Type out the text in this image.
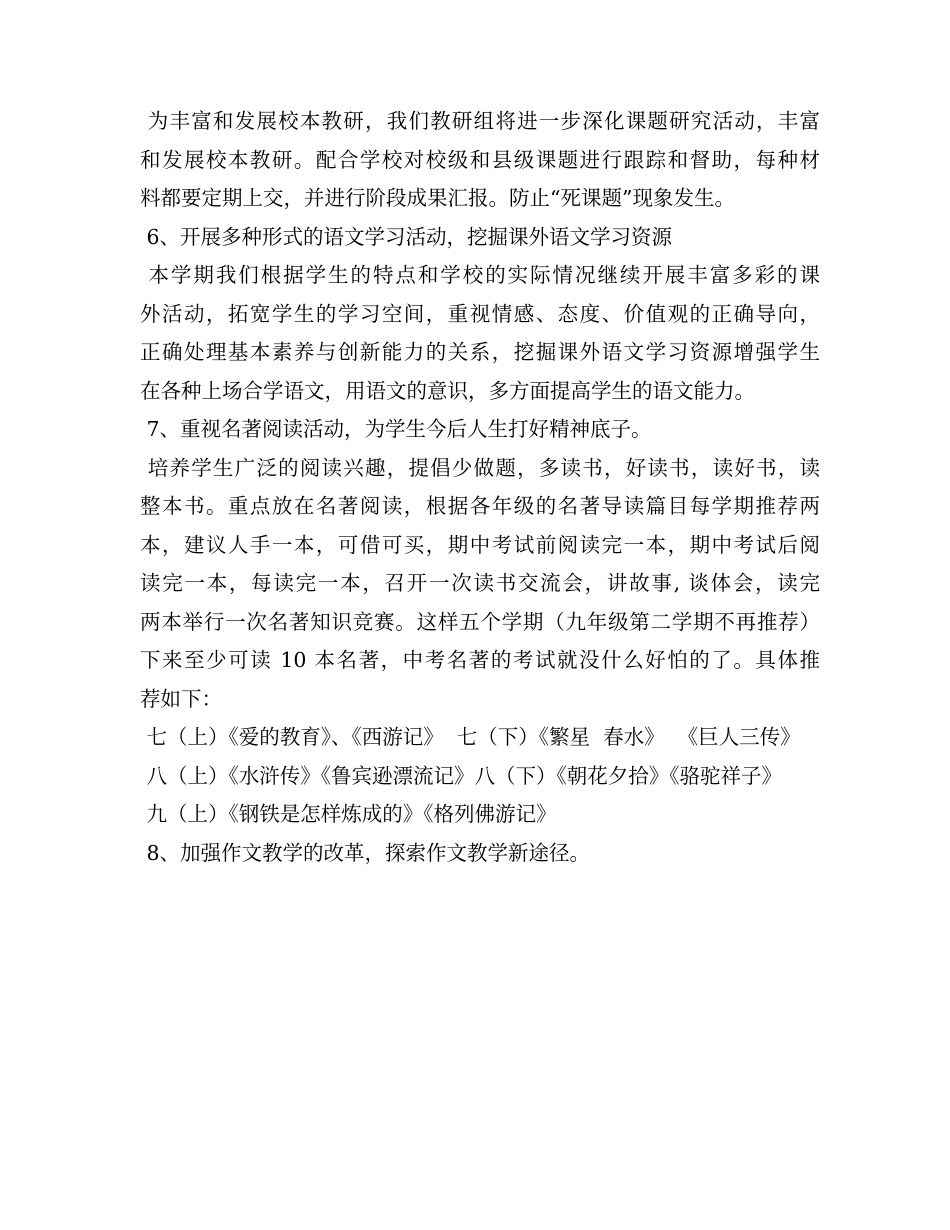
为丰富和发展校本教研，我们教研组将进一步深化课题研究活动，丰富

和发展校本教研。配合学校对校级和县级课题进行跟踪和督助，每种材

料都要定期上交，并进行阶段成果汇报。防止“死课题”现象发生。

6、开展多种形式的语文学习活动，挖掘课外语文学习资源

本学期我们根据学生的特点和学校的实际情况继续开展丰富多彩的课

外活动，拓宽学生的学习空间，重视情感、态度、价值观的正确导向，

正确处理基本素养与创新能力的关系，挖掘课外语文学习资源增强学生

在各种上场合学语文，用语文的意识，多方面提高学生的语文能力。

7、重视名著阅读活动，为学生今后人生打好精神底子。

培养学生广泛的阅读兴趣，提倡少做题，多读书，好读书，读好书，读

整本书。重点放在名著阅读，根据各年级的名著导读篇目每学期推荐两

本，建议人手一本，可借可买，期中考试前阅读完一本，期中考试后阅

读完一本，每读完一本，召开一次读书交流会，讲故事, 谈体会，读完

两本举行一次名著知识竞赛。这样五个学期（九年级第二学期不再推荐）

下来至少可读 10 本名著，中考名著的考试就没什么好怕的了。具体推

荐如下：

七（上）《爱的教育》、《西游记》  七（下）《繁星  春水》  《巨人三传》

八（上）《水浒传》《鲁宾逊漂流记》八（下）《朝花夕拾》《骆驼祥子》

九（上）《钢铁是怎样炼成的》《格列佛游记》

8、加强作文教学的改革，探索作文教学新途径。
